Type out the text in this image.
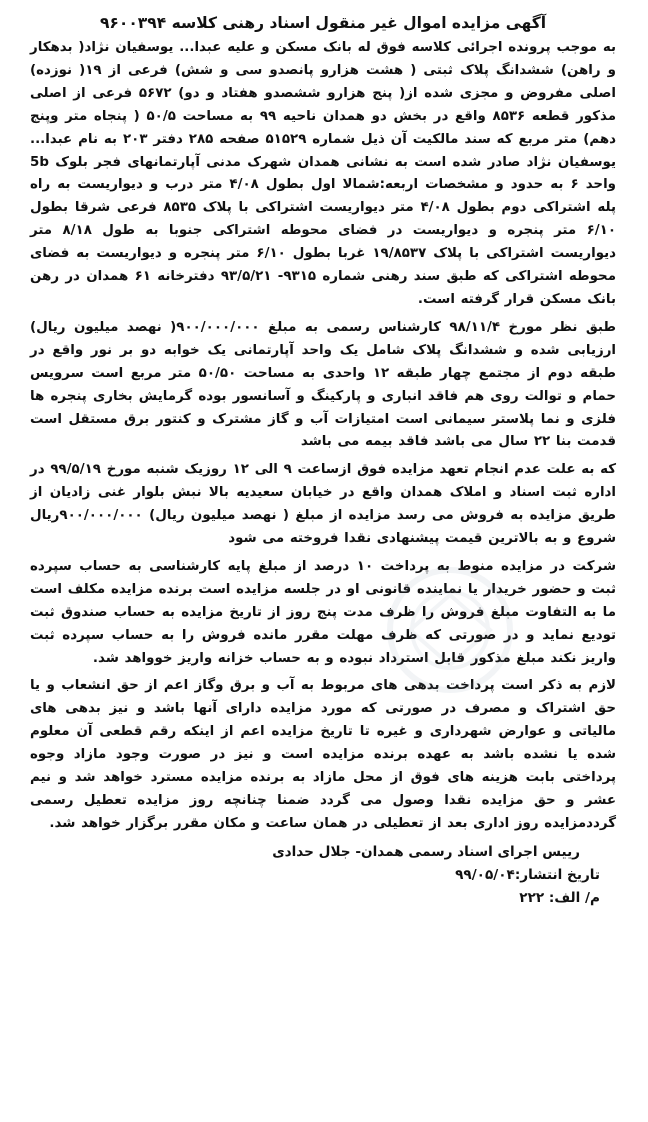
آگهی مزایده اموال غیر منقول اسناد رهنی کلاسه ۹۶۰۰۳۹۴

به موجب پرونده اجرائی کلاسه فوق له بانک مسکن و علیه عبدا... یوسفیان نژاد( بدهکار و راهن) ششدانگ پلاک ثبتی ( هشت هزارو پانصدو سی و شش) فرعی از ۱۹( نوزده) اصلی مفروض و مجزی شده از( پنج هزارو ششصدو هفتاد و دو) ۵۶۷۲ فرعی از اصلی مذکور قطعه ۸۵۳۶ واقع در بخش دو همدان ناحیه ۹۹ به مساحت ۵۰/۵ ( پنجاه متر وپنج دهم) متر مربع که سند مالکیت آن ذیل شماره ۵۱۵۲۹ صفحه ۲۸۵ دفتر ۲۰۳ به نام عبدا... یوسفیان نژاد صادر شده است به نشانی همدان شهرک مدنی آپارتمانهای فجر بلوک 5b واحد ۶ به حدود و مشخصات اربعه:شمالا اول بطول ۴/۰۸ متر درب و دیواریست به راه پله اشتراکی دوم بطول ۴/۰۸ متر دیواریست اشتراکی با پلاک ۸۵۳۵ فرعی شرقا بطول ۶/۱۰ متر پنجره و دیواریست در فضای محوطه اشتراکی جنوبا به طول ۸/۱۸ متر دیواریست اشتراکی با پلاک ۱۹/۸۵۳۷ غربا بطول ۶/۱۰ متر پنجره و دیواریست به فضای محوطه اشتراکی که طبق سند رهنی شماره ۹۳۱۵- ۹۳/۵/۲۱ دفترخانه ۶۱ همدان در رهن بانک مسکن قرار گرفته است.

طبق نظر مورخ ۹۸/۱۱/۴ کارشناس رسمی به مبلغ ۹۰۰/۰۰۰/۰۰۰( نهصد میلیون ریال) ارزیابی شده و ششدانگ پلاک شامل یک واحد آپارتمانی یک خوابه دو بر نور واقع در طبقه دوم از مجتمع چهار طبقه ۱۲ واحدی به مساحت ۵۰/۵۰ متر مربع است سرویس حمام و توالت روی هم فاقد انباری و پارکینگ و آسانسور بوده گرمایش بخاری پنجره ها فلزی و نما پلاستر سیمانی است امتیازات آب و گاز مشترک و کنتور برق مستقل است قدمت بنا ۲۲ سال می باشد فاقد بیمه می باشد

که به علت عدم انجام تعهد مزایده فوق ازساعت ۹ الی ۱۲ روزیک شنبه مورخ ۹۹/۵/۱۹ در اداره ثبت اسناد و املاک همدان واقع در خیابان سعیدیه بالا نبش بلوار غنی زادیان از طریق مزایده به فروش می رسد مزایده از مبلغ ( نهصد میلیون ریال) ۹۰۰/۰۰۰/۰۰۰ریال شروع و به بالاترین قیمت پیشنهادی نقدا فروخته می شود

شرکت در مزایده منوط به پرداخت ۱۰ درصد از مبلغ پایه کارشناسی به حساب سپرده ثبت و حضور خریدار یا نماینده قانونی او در جلسه مزایده است برنده مزایده مکلف است ما به التفاوت مبلغ فروش را ظرف مدت پنج روز از تاریخ مزایده به حساب صندوق ثبت تودیع نماید و در صورتی که ظرف مهلت مقرر مانده فروش را به حساب سپرده ثبت واریز نکند مبلغ مذکور قابل استرداد نبوده و به حساب خزانه واریز خوواهد شد.

لازم به ذکر است پرداخت بدهی های مربوط به آب و برق وگاز اعم از حق انشعاب و یا حق اشتراک و مصرف در صورتی که مورد مزایده دارای آنها باشد و نیز بدهی های مالیاتی و عوارض شهرداری و غیره تا تاریخ مزایده اعم از اینکه رقم قطعی آن معلوم شده یا نشده باشد به عهده برنده مزایده است و نیز در صورت وجود مازاد وجوه پرداختی بابت هزینه های فوق از محل مازاد به برنده مزایده مسترد خواهد شد و نیم عشر و حق مزایده نقدا وصول می گردد ضمنا چنانچه روز مزایده تعطیل رسمی گرددمزایده روز اداری بعد از تعطیلی در همان ساعت و مکان مقرر برگزار خواهد شد.

رییس اجرای اسناد رسمی همدان- جلال حدادی
تاریخ انتشار:۹۹/۰۵/۰۴
م/ الف: ۲۲۲
